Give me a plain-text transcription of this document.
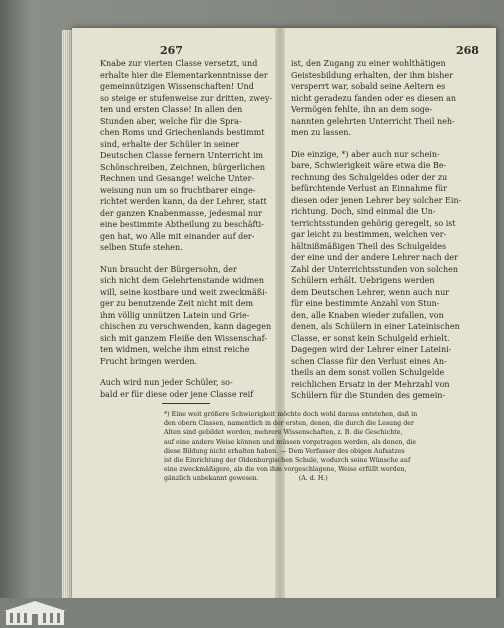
267	268

Knabe zur vierten Classe versetzt, und

erhalte hier die Elementarkenntnisse der

gemeinnützigen Wissenschaften! Und

so steige er stufenweise zur dritten, zwey-

ten und ersten Classe! In allen den

Stunden aber, welche für die Spra-

chen Roms und Griechenlands bestimmt

sind, erhalte der Schüler in seiner

Deutschen Classe fernern Unterricht im

Schönschreiben, Zeichnen, bürgerlichen

Rechnen und Gesange! welche Unter-

weisung nun um so fruchtbarer einge-

richtet werden kann, da der Lehrer, statt

der ganzen Knabenmasse, jedesmal nur

eine bestimmte Abtheilung zu beschäfti-

gen hat, wo Alle mit einander auf der-

selben Stufe stehen.

Nun braucht der Bürgersohn, der

sich nicht dem Gelehrtenstande widmen

will, seine kostbare und weit zweckmäßi-

ger zu benutzende Zeit nicht mit dem

ihm völlig unnützen Latein und Grie-

chischen zu verschwenden, kann dagegen

sich mit ganzem Fleiße den Wissenschaf-

ten widmen, welche ihm einst reiche

Frucht bringen werden.

Auch wird nun jeder Schüler, so-

bald er für diese oder jene Classe reif

ist, den Zugang zu einer wohlthätigen

Geistesbildung erhalten, der ihm bisher

versperrt war, sobald seine Aeltern es

nicht geradezu fanden oder es diesen an

Vermögen fehlte, ihn an dem soge-

nannten gelehrten Unterricht Theil neh-

men zu lassen.

Die einzige, *) aber auch nur schein-

bare, Schwierigkeit wäre etwa die Be-

rechnung des Schulgeldes oder der zu

befürchtende Verlust an Einnahme für

diesen oder jenen Lehrer bey solcher Ein-

richtung. Doch, sind einmal die Un-

terrichtsstunden gehörig geregelt, so ist

gar leicht zu bestimmen, welchen ver-

hältnißmäßigen Theil des Schulgeldes

der eine und der andere Lehrer nach der

Zahl der Unterrichtsstunden von solchen

Schülern erhält. Uebrigens werden

dem Deutschen Lehrer, wenn auch nur

für eine bestimmte Anzahl von Stun-

den, alle Knaben wieder zufallen, von

denen, als Schülern in einer Lateinischen

Classe, er sonst kein Schulgeld erhielt.

Dagegen wird der Lehrer einer Lateini-

schen Classe für den Verlust eines An-

theils an dem sonst vollen Schulgelde

reichlichen Ersatz in der Mehrzahl von

Schülern für die Stunden des gemein-

*) Eine weit größere Schwierigkeit möchte doch wohl daraus entstehen, daß in

den obern Classen, namentlich in der ersten, denen, die durch die Lesung der

Alten sind gebildet worden, mehrere Wissenschaften, z. B. die Geschichte,

auf eine andere Weise können und müssen vorgetragen werden, als denen, die

diese Bildung nicht erhalten haben. — Dem Verfasser des obigen Aufsatzes

ist die Einrichtung der Oldenburgischen Schule, wodurch seine Wünsche auf

eine zweckmäßigere, als die von ihm vorgeschlagene, Weise erfüllt werden,

gänzlich unbekannt gewesen.                    (A. d. H.)
